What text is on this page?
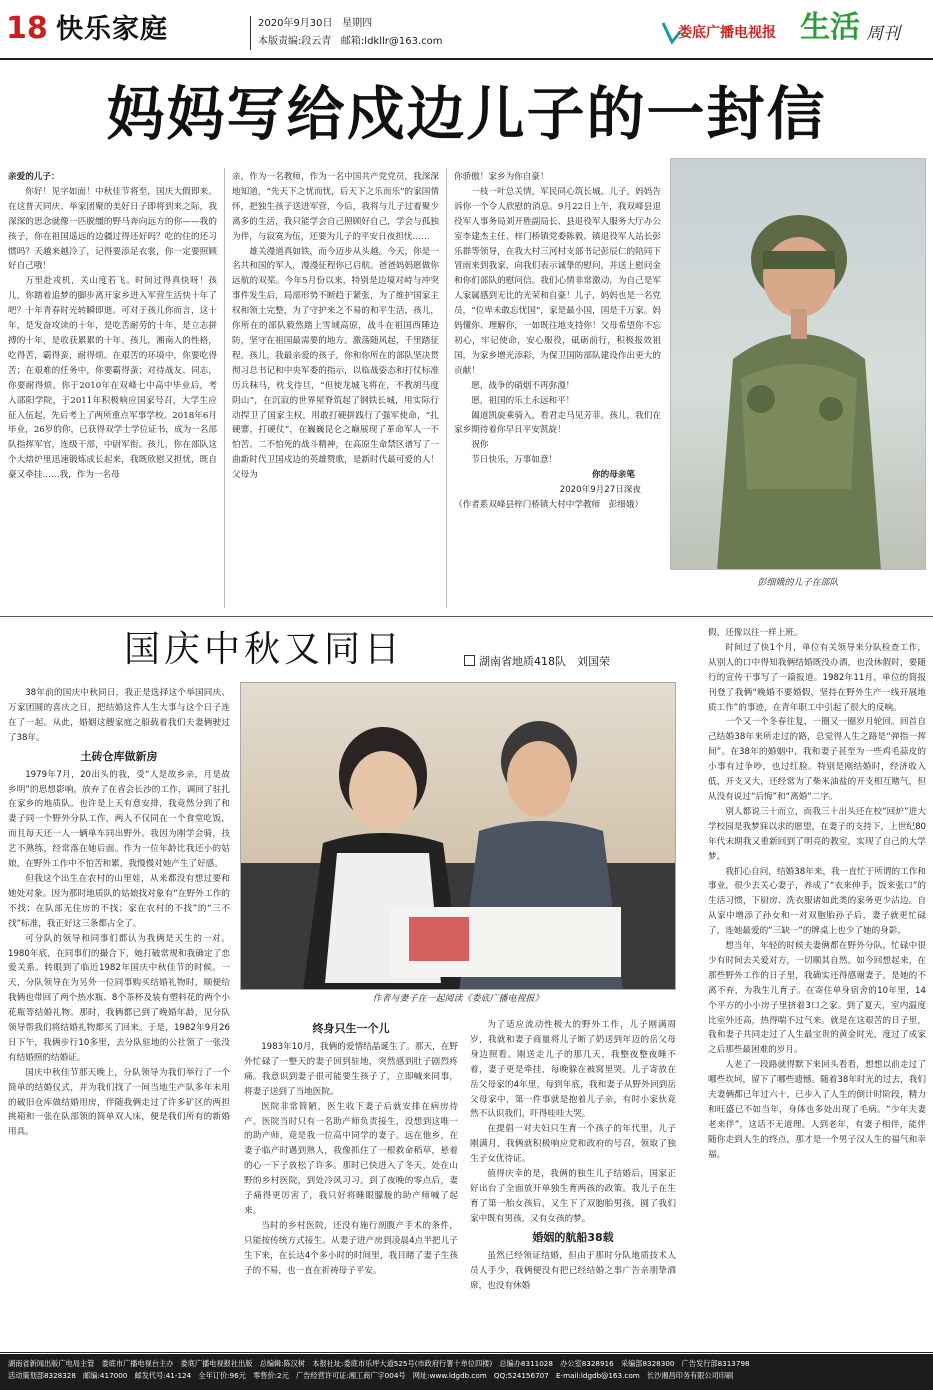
18 快乐家庭	2020年9月30日 星期四
本版责编:段云青 邮箱:ldkllr@163.com
娄底广播电视报 生活 周刊
妈妈写给戍边儿子的一封信

亲爱的儿子：

你好！见字如面！中秋佳节将至，国庆大假即来。在这普天同庆、举家团聚的美好日子即将到来之际，我深深的思念就像一匹脱缰的野马奔向远方的你——我的孩子，你在祖国遥远的边疆过得还好吗？吃的住的还习惯吗？天越来越冷了，记得要添足衣裳，你一定要照顾好自己哦！

万里赴戎机，关山度若飞。时间过得真快呀！孩儿，你踏着追梦的脚步离开家乡进入军营生活快十年了吧？十年青春时光转瞬即逝。可对于孩儿你而言，这十年，是发奋攻读的十年，是吃苦耐劳的十年，是立志拼搏的十年，是收获累累的十年。孩儿，湘南人的性格，吃得苦，霸得蛮，耐得烦。在艰苦的环境中，你要吃得苦；在艰难的任务中，你要霸得蛮；对待战友、同志，你要耐得烦。你于2010年在双峰七中高中毕业后，考入邵阳学院，于2011年积极响应国家号召，大学生应征入伍起，先后考上了两所重点军事学校。2018年6月毕业，26岁的你，已获得双学士学位证书，成为一名部队指挥军官，连级干部，中尉军衔。孩儿，你在部队这个大熔炉里迅速锻炼成长起来，我既欣慰又担忧，既自豪又牵挂……我，作为一名母

亲，作为一名教师，作为一名中国共产党党员，我深深地知道，“先天下之忧而忧，后天下之乐而乐”的家国情怀，把独生孩子送进军营，今后，我将与儿子过着聚少离多的生活，我只能学会自己照顾好自己，学会与孤独为伴，与寂寞为伍，还要为儿子的平安日夜担忧……

雄关漫道真如铁，而今迈步从头越。今天，你是一名共和国的军人，漫漫征程你已启航。爸爸妈妈愿做你远航的双桨。今年5月份以来，特别是边境对峙与冲突事件发生后，局部形势不断趋于紧张，为了维护国家主权和领土完整，为了守护来之不易的和平生活，孩儿，你所在的部队毅然踏上雪域高原，战斗在祖国西陲边防，坚守在祖国最需要的地方。激荡随风起，千里踏征程。孩儿，我最亲爱的孩子，你和你所在的部队坚决贯彻习总书记和中央军委的指示，以临战姿态和打仗标准历兵秣马，枕戈待旦，“但使龙城飞将在，不教胡马度阴山”，在沉寂的世界屋脊筑起了钢铁长城，用实际行动捍卫了国家主权，用敢打硬拼践行了强军使命，“扎硬寨，打硬仗”，在巍巍昆仑之巅展现了革命军人一不怕苦、二不怕死的战斗精神，在高原生命禁区谱写了一曲新时代卫国戍边的英雄赞歌，是新时代最可爱的人！父母为

你骄傲！家乡为你自豪！

一枝一叶总关情，军民同心筑长城。儿子，妈妈告诉你一个令人欣慰的消息。9月22日上午，我双峰县退役军人事务局刘开胜副局长、县退役军人服务大厅办公室李建杰主任、梓门桥镇党委陈毅、镇退役军人站长彭乐群等领导，在我大村三河村支部书记彭辰仁的陪同下冒雨来到我家，向我们表示诚挚的慰问，并送上慰问金和你们部队的慰问信。我们心情非常激动，为自己是军人家属感到无比的光荣和自豪！儿子，妈妈也是一名党员，“位卑未敢忘忧国”，家是最小国，国是千万家。妈妈懂你、理解你，一如既往地支持你！父母希望你不忘初心，牢记使命，安心服役，砥砺前行，积极报效祖国，为家乡增光添彩，为保卫国防部队建设作出更大的贡献！

愿，战争的硝烟不再弥漫！

愿，祖国的乐土永远和平！

阖道凯旋乘骑入，看君走马见芳菲。孩儿，我们在家乡期待着你早日平安凯旋！

祝你

节日快乐，万事如意！

你的母亲笔
2020年9月27日深夜
（作者系双峰县梓门桥镇大村中学教师　彭细娥）
彭细娥的儿子在部队
国庆中秋又同日	湖南省地质418队　刘国荣
作者与妻子在一起阅读《娄底广播电视报》

38年前的国庆中秋同日，我正是选择这个举国同庆、万家团圆的喜庆之日，把结婚这件人生大事与这个日子连在了一起。从此，婚姻这艘家庭之船载着我们夫妻俩驶过了38年。

土砖仓库做新房

1979年7月，20出头的我，受“人是故乡亲，月是故乡明”的思想影响，放弃了在省会长沙的工作，调回了驻扎在家乡的地质队。也许是上天有意安排，我竟然分到了和妻子同一个野外分队工作，两人不仅同在一个食堂吃饭，而且每天还一人一辆单车同出野外。我因为刚学会骑，技艺不熟练，经常落在她后面。作为一位年龄比我还小的姑娘，在野外工作中不怕苦和累，我慢慢对她产生了好感。

但我这个出生在农村的山里娃，从来都没有想过要和她处对象。因为那时地质队的姑娘找对象有“在野外工作的不找；在队部无住房的不找；家在农村的不找”的“三不找”标准，我正好这三条都占全了。

可分队的领导和同事们都认为我俩是天生的一对。1980年底，在同事们的撮合下，她打破常规和我确定了恋爱关系。转眼到了临近1982年国庆中秋佳节的时候。一天，分队领导在为另外一位同事购买结婚礼物时，顺便给我俩也带回了两个热水瓶、8个茶杯及装有塑料花的两个小花瓶等结婚礼物。那时，我俩都已到了晚婚年龄，见分队领导帮我们将结婚礼物都买了回来。于是，1982年9月26日下午，我俩步行10多里，去分队驻地的公社领了一张没有结婚照的结婚证。

国庆中秋佳节那天晚上，分队领导为我们举行了一个简单的结婚仪式，并为我们找了一间当地生产队多年未用的破旧仓库做结婚用房，伴随我俩走过了许多矿区的两担挑箱和一张在队部领的简单双人床，便是我们所有的新婚用具。

终身只生一个儿

1983年10月，我俩的爱情结晶诞生了。那天，在野外忙碌了一整天的妻子回到驻地，突然感到肚子剧烈疼痛。我意识到妻子很可能要生孩子了，立即喊来同事，将妻子送到了当地医院。

医院非常简陋，医生收下妻子后就安排在病房待产。医院当时只有一名助产师负责接生，没想到这唯一的助产师，竟是我一位高中同学的妻子。远在他乡，在妻子临产时遇到熟人，我像抓住了一根救命稻草，悬着的心一下子放松了许多。那时已快进入了冬天，处在山野的乡村医院，到处冷风习习。到了夜晚的零点后，妻子痛得更厉害了，我只好将睡眼朦胧的助产师喊了起来。

当时的乡村医院，还没有施行剖腹产手术的条件，只能按传统方式接生。从妻子进产房到凌晨4点半把儿子生下来，在长达4个多小时的时间里，我目睹了妻子生孩子的不易，也一直在祈祷母子平安。

为了适应流动性极大的野外工作，儿子刚满周岁，我就和妻子商量将儿子断了奶送到年迈的岳父母身边照看。刚送走儿子的那几天，我整夜整夜睡不着，妻子更是牵挂，每晚躲在被窝里哭。儿子寄放在岳父母家的4年里，每到年底，我和妻子从野外回到岳父母家中，第一件事就是抱着儿子亲，有时小家伙竟然不认识我们，吓得哇哇大哭。

在提倡一对夫妇只生育一个孩子的年代里，儿子刚满月，我俩就积极响应党和政府的号召，领取了独生子女优待证。

值得庆幸的是，我俩的独生儿子结婚后，国家正好出台了全面放开单独生育两孩的政策。我儿子在生育了第一胎女孩后，又生下了双胞胎男孩，圆了我们家中既有男孩，又有女孩的梦。

婚姻的航船38载

虽然已经领证结婚，但由于那时分队地质技术人员人手少，我俩便没有把已经结婚之事广告亲朋挚酒席，也没有休婚

假，还像以往一样上班。

时间过了快1个月，单位有关领导来分队检查工作，从别人的口中得知我俩结婚既没办酒，也没休假时，要随行的宣传干事写了一篇报道。1982年11月，单位的简报刊登了我俩“晚婚不要婚假，坚持在野外生产一线开展地质工作”的事迹，在青年职工中引起了很大的反响。

一个又一个冬春往复，一圈又一圈岁月轮回。回首自己结婚38年来所走过的路，总觉得人生之路是“弹指一挥间”。在38年的婚姻中，我和妻子甚至为一些鸡毛蒜皮的小事有过争吵，也过红脸。特别是刚结婚时，经济收入低，开支又大，还经常为了柴米油盐的开支相互赌气，但从没有说过“后悔”和“离婚”二字。

别人都说三十而立，而我三十出头还在校“回炉”进大学校园是我梦寐以求的愿望，在妻子的支持下，上世纪80年代末期我又重新回到了明亮的教室，实现了自己的大学梦。

我扪心自问，结婚38年来，我一直忙于所谓的工作和事业，很少去关心妻子，养成了“衣来伸手，饭来张口”的生活习惯，下厨房、洗衣服诸如此类的家务更少沾边。自从家中增添了孙女和一对双胞胎孙子后，妻子就更忙碌了，连她最爱的“三缺一”的牌桌上也少了她的身影。

想当年，年轻的时候夫妻俩都在野外分队，忙碌中很少有时间去关爱对方，一切顺其自然。如今回想起来，在那些野外工作的日子里，我确实还得感谢妻子，是她的不离不弃，为我生儿育子。在寄住单身宿舍的10年里，14个平方的小小房子里挤着3口之家。到了夏天，室内温度比室外还高，热得喘不过气来。就是在这艰苦的日子里，我和妻子共同走过了人生最宝贵的黄金时光，度过了成家之后那些最困难的岁月。

人老了一段路就得默下来回头看看，想想以前走过了哪些坎坷，留下了哪些遗憾。随着38年时光的过去，我们夫妻俩都已年过六十，已步入了人生的倒计时阶段，精力和旺盛已不如当年，身体也多处出现了毛病。“少年夫妻老来伴”，这话不无道理。人到老年，有妻子相伴，能伴随你走到人生的终点，那才是一个男子汉人生的福气和幸福。

湖南省新闻出版广电局主管　娄底市广播电视台主办　娄底广播电视报社出版　总编辑:陈汉树　本报社址:娄底市乐坪大道525号(市政府行署十单位四楼)　总编办8311028　办公室8328916　采编部8328300　广告发行部8313798
活动策划部8328328　邮编:417000　邮发代号:41-124　全年订价:96元　零售价:2元　广告经营许可证:湘工商广字004号　网址:www.ldgdb.com　QQ:524156707　E-mail:ldgdb@163.com　长沙湘昌印务有限公司印刷
